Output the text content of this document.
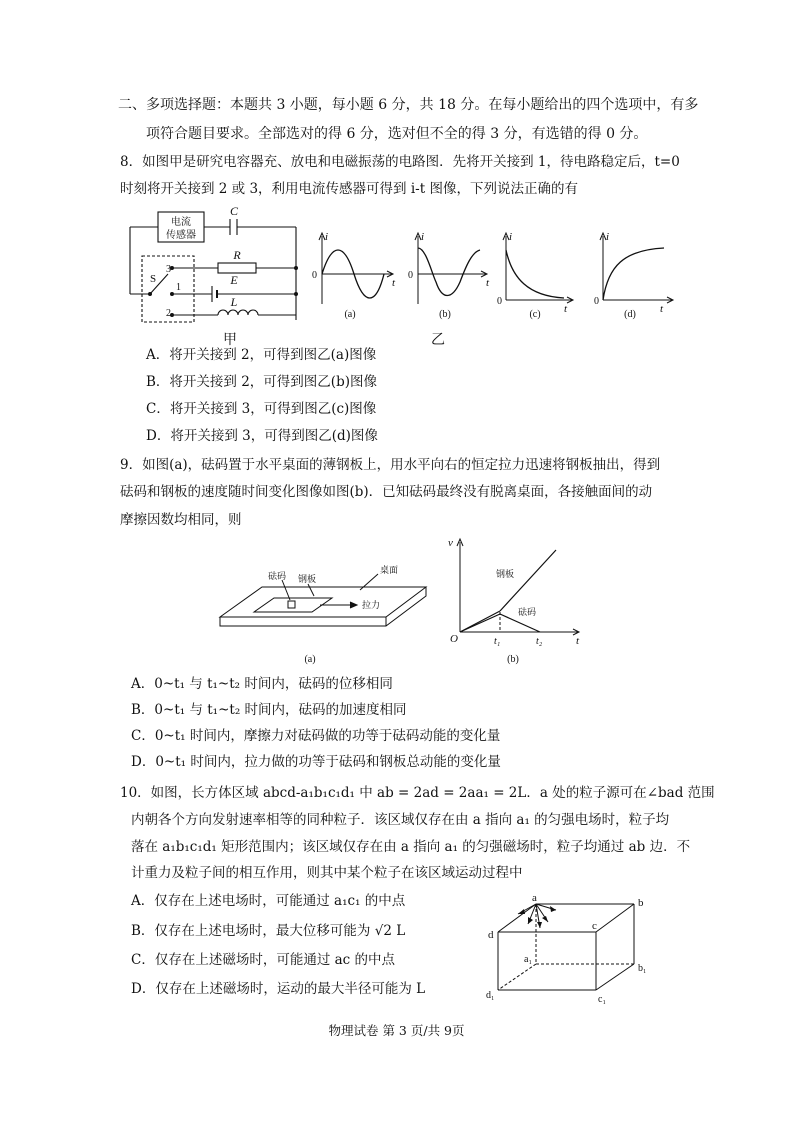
二、多项选择题：本题共 3 小题，每小题 6 分，共 18 分。在每小题给出的四个选项中，有多
项符合题目要求。全部选对的得 6 分，选对但不全的得 3 分，有选错的得 0 分。
8．如图甲是研究电容器充、放电和电磁振荡的电路图．先将开关接到 1，待电路稳定后，t=0
时刻将开关接到 2 或 3，利用电流传感器可得到 i-t 图像，下列说法正确的有
电流
传感器
C
R
E
L
S
3
1
2
甲	乙
i
t
0
(a)
i
t
0
(b)
i
t
0
(c)
i
t
0
(d)
A．将开关接到 2，可得到图乙(a)图像
B．将开关接到 2，可得到图乙(b)图像
C．将开关接到 3，可得到图乙(c)图像
D．将开关接到 3，可得到图乙(d)图像
9．如图(a)，砝码置于水平桌面的薄钢板上，用水平向右的恒定拉力迅速将钢板抽出，得到
砝码和钢板的速度随时间变化图像如图(b)．已知砝码最终没有脱离桌面，各接触面间的动
摩擦因数均相同，则
砝码 钢板
桌面
拉力
(a)
v
t
O	t₁	t₂
钢板
砝码
(b)
A．0~t₁ 与 t₁~t₂ 时间内，砝码的位移相同
B．0~t₁ 与 t₁~t₂ 时间内，砝码的加速度相同
C．0~t₁ 时间内，摩擦力对砝码做的功等于砝码动能的变化量
D．0~t₁ 时间内，拉力做的功等于砝码和钢板总动能的变化量
10．如图，长方体区域 abcd-a₁b₁c₁d₁ 中 ab = 2ad = 2aa₁ = 2L．a 处的粒子源可在∠bad 范围
内朝各个方向发射速率相等的同种粒子．该区域仅存在由 a 指向 a₁ 的匀强电场时，粒子均
落在 a₁b₁c₁d₁ 矩形范围内；该区域仅存在由 a 指向 a₁ 的匀强磁场时，粒子均通过 ab 边．不
计重力及粒子间的相互作用，则其中某个粒子在该区域运动过程中
A．仅存在上述电场时，可能通过 a₁c₁ 的中点
B．仅存在上述电场时，最大位移可能为 √2 L
C．仅存在上述磁场时，可能通过 ac 的中点
D．仅存在上述磁场时，运动的最大半径可能为 L
a	b
c
d
a₁
b₁
c₁
d₁
物理试卷 第 3 页/共 9页
